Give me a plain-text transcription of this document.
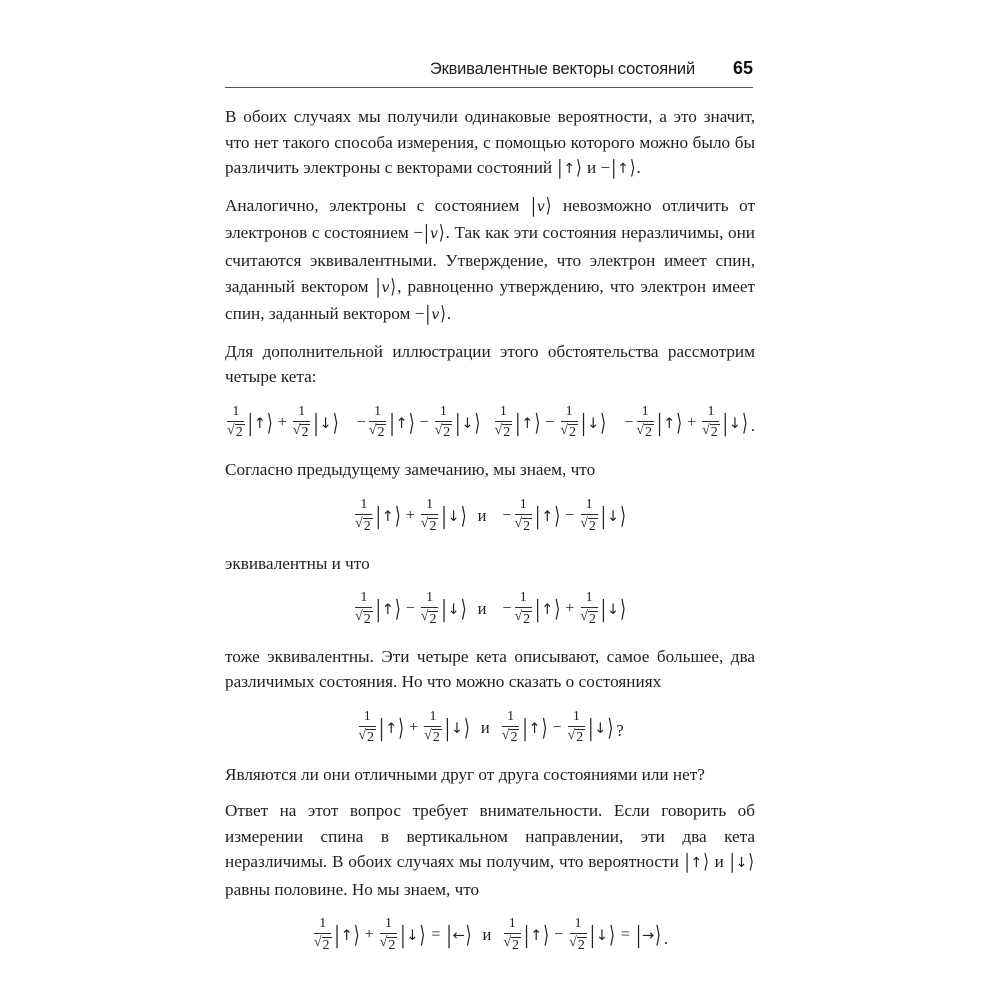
Эквивалентные векторы состояний 65

В обоих случаях мы получили одинаковые вероятности, а это значит, что нет такого способа измерения, с помощью которого можно было бы различить электроны с векторами состояний |↑⟩ и −|↑⟩.

Аналогично, электроны с состоянием |v⟩ невозможно отличить от электронов с состоянием −|v⟩. Так как эти состояния неразличимы, они считаются эквивалентными. Утверждение, что электрон имеет спин, заданный вектором |v⟩, равноценно утверждению, что электрон имеет спин, заданный вектором −|v⟩.

Для дополнительной иллюстрации этого обстоятельства рассмотрим четыре кета:

$\frac{1}{√ 2}$ |↑⟩ + $\frac{1}{√ 2}$ |↓⟩ − $\frac{1}{√ 2}$ |↑⟩ − $\frac{1}{√ 2}$ |↓⟩ $\frac{1}{√ 2}$ |↑⟩ − $\frac{1}{√ 2}$ |↓⟩ − $\frac{1}{√ 2}$ |↑⟩ + $\frac{1}{√ 2}$ |↓⟩ .

Согласно предыдущему замечанию, мы знаем, что

$\frac{1}{√ 2}$ |↑⟩ + $\frac{1}{√ 2}$ |↓⟩ $и - \frac{1}{√ 2}$ |↑⟩ − $\frac{1}{√ 2}$ |↓⟩

эквивалентны и что

$\frac{1}{√ 2}$ |↑⟩ − $\frac{1}{√ 2}$ |↓⟩ $и - \frac{1}{√ 2}$ |↑⟩ + $\frac{1}{√ 2}$ |↓⟩

тоже эквивалентны. Эти четыре кета описывают, самое большее, два различимых состояния. Но что можно сказать о состояниях

$\frac{1}{√ 2}$ |↑⟩ + $\frac{1}{√ 2}$ |↓⟩ и $\frac{1}{√ 2}$ |↑⟩ − $\frac{1}{√ 2}$ |↓⟩ ?

Являются ли они отличными друг от друга состояниями или нет?

Ответ на этот вопрос требует внимательности. Если говорить об измерении спина в вертикальном направлении, эти два кета неразличимы. В обоих случаях мы получим, что вероятности |↑⟩ и |↓⟩ равны половине. Но мы знаем, что

$\frac{1}{√ 2}$ |↑⟩ + $\frac{1}{√ 2}$ |↓⟩ = |←⟩ и $\frac{1}{√ 2}$ |↑⟩ − $\frac{1}{√ 2}$ |↓⟩ = |→⟩ .
